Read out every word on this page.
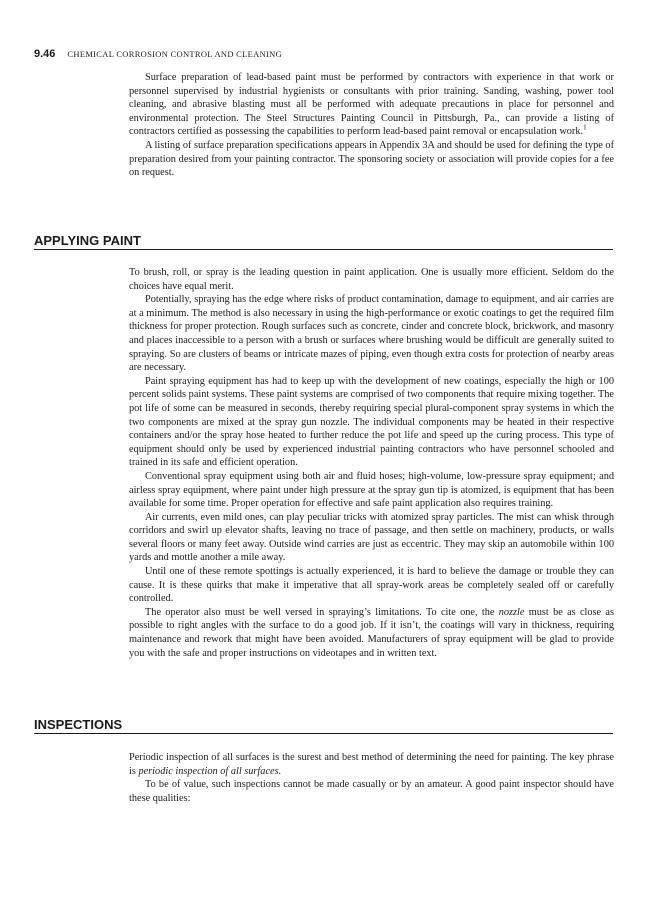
9.46 CHEMICAL CORROSION CONTROL AND CLEANING

Surface preparation of lead-based paint must be performed by contractors with experience in that work or personnel supervised by industrial hygienists or consultants with prior training. Sanding, washing, power tool cleaning, and abrasive blasting must all be performed with adequate precautions in place for personnel and environmental protection. The Steel Structures Painting Council in Pittsburgh, Pa., can provide a listing of contractors certified as possessing the capabilities to perform lead-based paint removal or encapsulation work.$^1$

A listing of surface preparation specifications appears in Appendix 3A and should be used for defining the type of preparation desired from your painting contractor. The sponsoring society or association will provide copies for a fee on request.

APPLYING PAINT

To brush, roll, or spray is the leading question in paint application. One is usually more efficient. Seldom do the choices have equal merit.

Potentially, spraying has the edge where risks of product contamination, damage to equipment, and air carries are at a minimum. The method is also necessary in using the high-performance or exotic coatings to get the required film thickness for proper protection. Rough surfaces such as concrete, cinder and concrete block, brickwork, and masonry and places inaccessible to a person with a brush or surfaces where brushing would be difficult are generally suited to spraying. So are clusters of beams or intricate mazes of piping, even though extra costs for protection of nearby areas are necessary.

Paint spraying equipment has had to keep up with the development of new coatings, especially the high or 100 percent solids paint systems. These paint systems are comprised of two components that require mixing together. The pot life of some can be measured in seconds, thereby requiring special plural-component spray systems in which the two components are mixed at the spray gun nozzle. The individual components may be heated in their respective containers and/or the spray hose heated to further reduce the pot life and speed up the curing process. This type of equipment should only be used by experienced industrial painting contractors who have personnel schooled and trained in its safe and efficient operation.

Conventional spray equipment using both air and fluid hoses; high-volume, low-pressure spray equipment; and airless spray equipment, where paint under high pressure at the spray gun tip is atomized, is equipment that has been available for some time. Proper operation for effective and safe paint application also requires training.

Air currents, even mild ones, can play peculiar tricks with atomized spray particles. The mist can whisk through corridors and swirl up elevator shafts, leaving no trace of passage, and then settle on machinery, products, or walls several floors or many feet away. Outside wind carries are just as eccentric. They may skip an automobile within 100 yards and mottle another a mile away.

Until one of these remote spottings is actually experienced, it is hard to believe the damage or trouble they can cause. It is these quirks that make it imperative that all spray-work areas be completely sealed off or carefully controlled.

The operator also must be well versed in spraying’s limitations. To cite one, the nozzle must be as close as possible to right angles with the surface to do a good job. If it isn’t, the coatings will vary in thickness, requiring maintenance and rework that might have been avoided. Manufacturers of spray equipment will be glad to provide you with the safe and proper instructions on videotapes and in written text.

INSPECTIONS

Periodic inspection of all surfaces is the surest and best method of determining the need for painting. The key phrase is periodic inspection of all surfaces.

To be of value, such inspections cannot be made casually or by an amateur. A good paint inspector should have these qualities:
